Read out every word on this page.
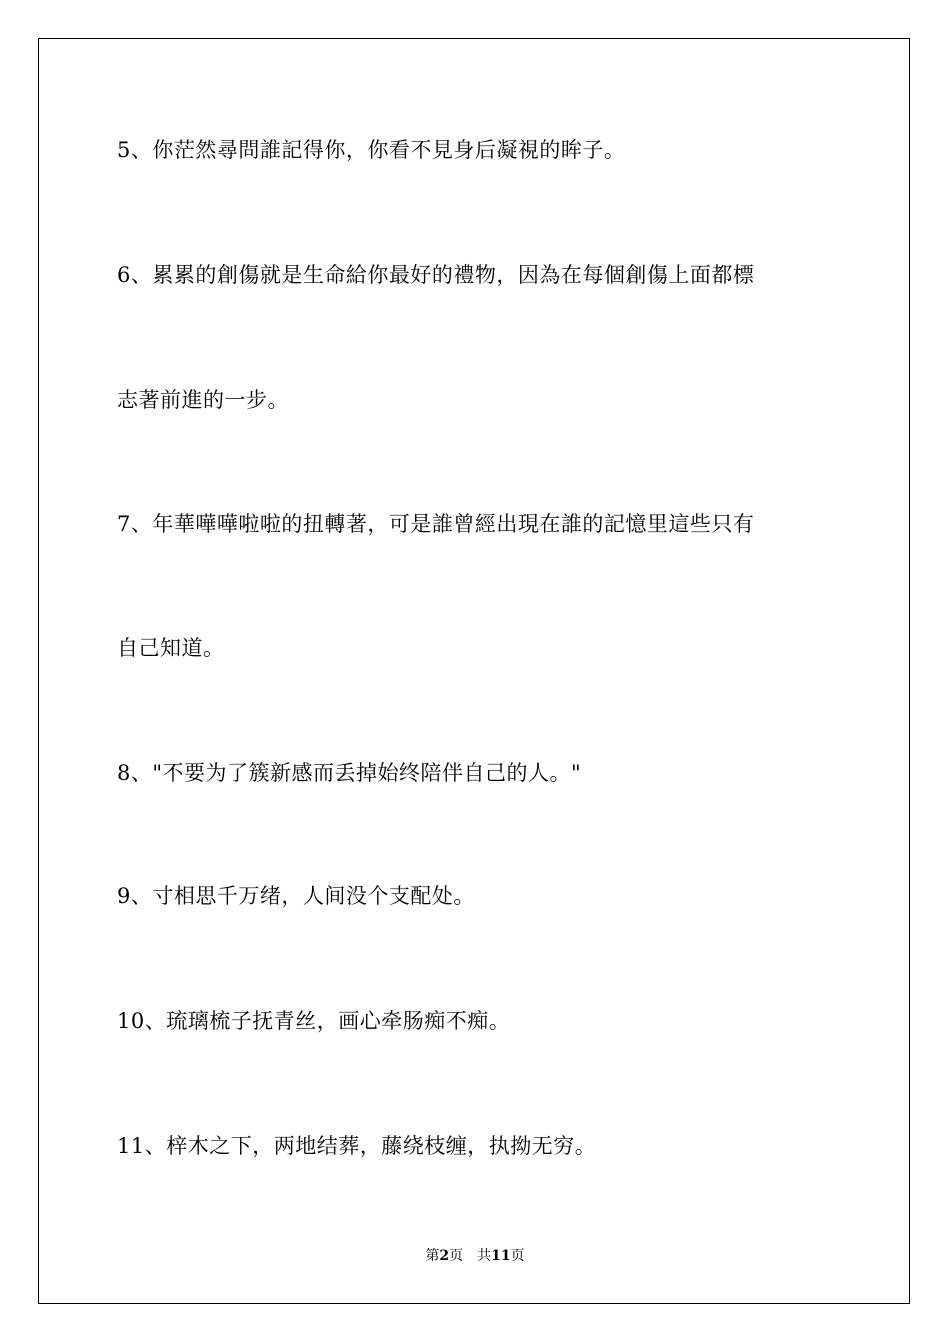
5、你茫然尋問誰記得你，你看不見身后凝視的眸子。
6、累累的創傷就是生命給你最好的禮物，因為在每個創傷上面都標
志著前進的一步。
7、年華嘩嘩啦啦的扭轉著，可是誰曾經出現在誰的記憶里這些只有
自己知道。
8、"不要为了簇新感而丢掉始终陪伴自己的人。"
9、寸相思千万绪，人间没个支配处。
10、琉璃梳子抚青丝，画心牵肠痴不痴。
11、梓木之下，两地结葬，藤绕枝缠，执拗无穷。
第2页 共11页
